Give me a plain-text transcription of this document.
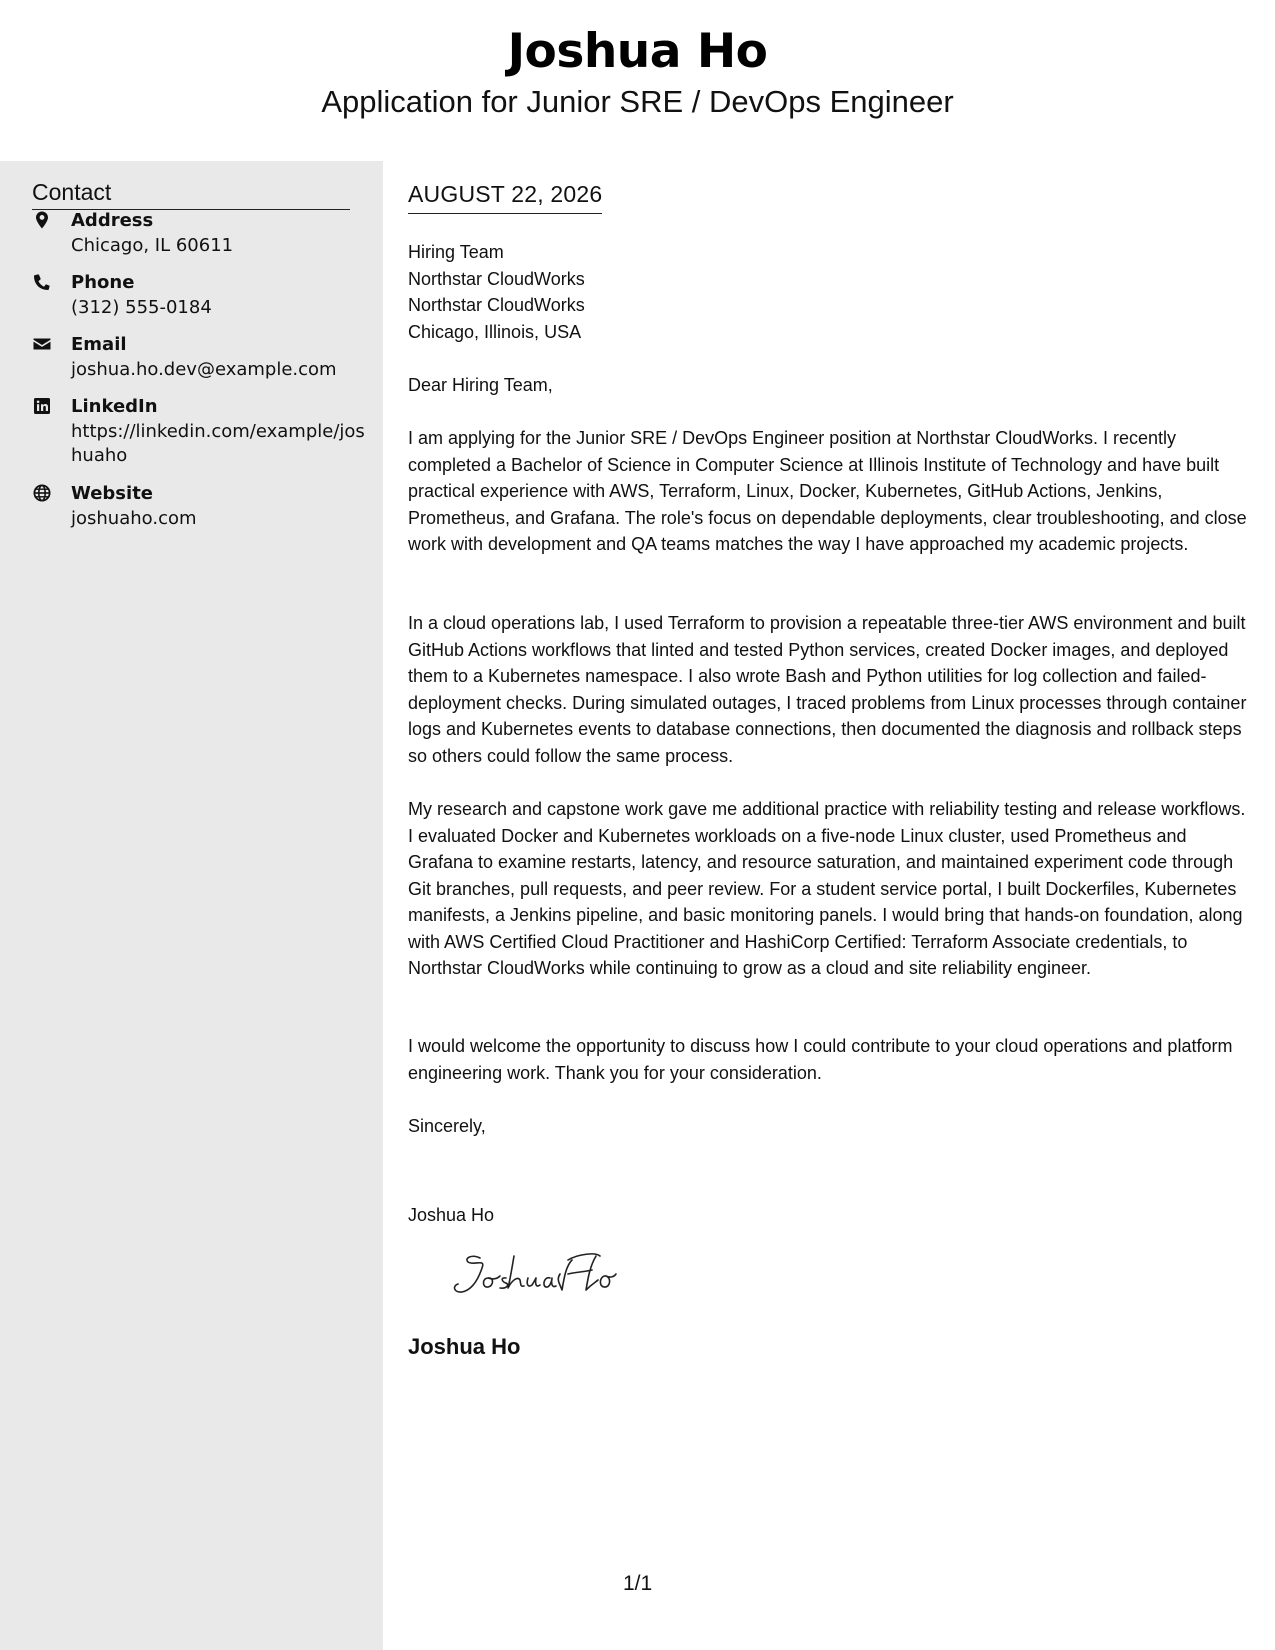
Joshua Ho
Application for Junior SRE / DevOps Engineer
Contact
Address
Chicago, IL 60611
Phone
(312) 555-0184
Email
joshua.ho.dev@example.com
LinkedIn
https://linkedin.com/example/joshuaho
Website
joshuaho.com
AUGUST 22, 2026
Hiring Team
Northstar CloudWorks
Northstar CloudWorks
Chicago, Illinois, USA
Dear Hiring Team,
I am applying for the Junior SRE / DevOps Engineer position at Northstar CloudWorks. I recently completed a Bachelor of Science in Computer Science at Illinois Institute of Technology and have built practical experience with AWS, Terraform, Linux, Docker, Kubernetes, GitHub Actions, Jenkins, Prometheus, and Grafana. The role's focus on dependable deployments, clear troubleshooting, and close work with development and QA teams matches the way I have approached my academic projects.
In a cloud operations lab, I used Terraform to provision a repeatable three-tier AWS environment and built GitHub Actions workflows that linted and tested Python services, created Docker images, and deployed them to a Kubernetes namespace. I also wrote Bash and Python utilities for log collection and failed-deployment checks. During simulated outages, I traced problems from Linux processes through container logs and Kubernetes events to database connections, then documented the diagnosis and rollback steps so others could follow the same process.
My research and capstone work gave me additional practice with reliability testing and release workflows. I evaluated Docker and Kubernetes workloads on a five-node Linux cluster, used Prometheus and Grafana to examine restarts, latency, and resource saturation, and maintained experiment code through Git branches, pull requests, and peer review. For a student service portal, I built Dockerfiles, Kubernetes manifests, a Jenkins pipeline, and basic monitoring panels. I would bring that hands-on foundation, along with AWS Certified Cloud Practitioner and HashiCorp Certified: Terraform Associate credentials, to Northstar CloudWorks while continuing to grow as a cloud and site reliability engineer.
I would welcome the opportunity to discuss how I could contribute to your cloud operations and platform engineering work. Thank you for your consideration.
Sincerely,
Joshua Ho
Joshua Ho
1/1
